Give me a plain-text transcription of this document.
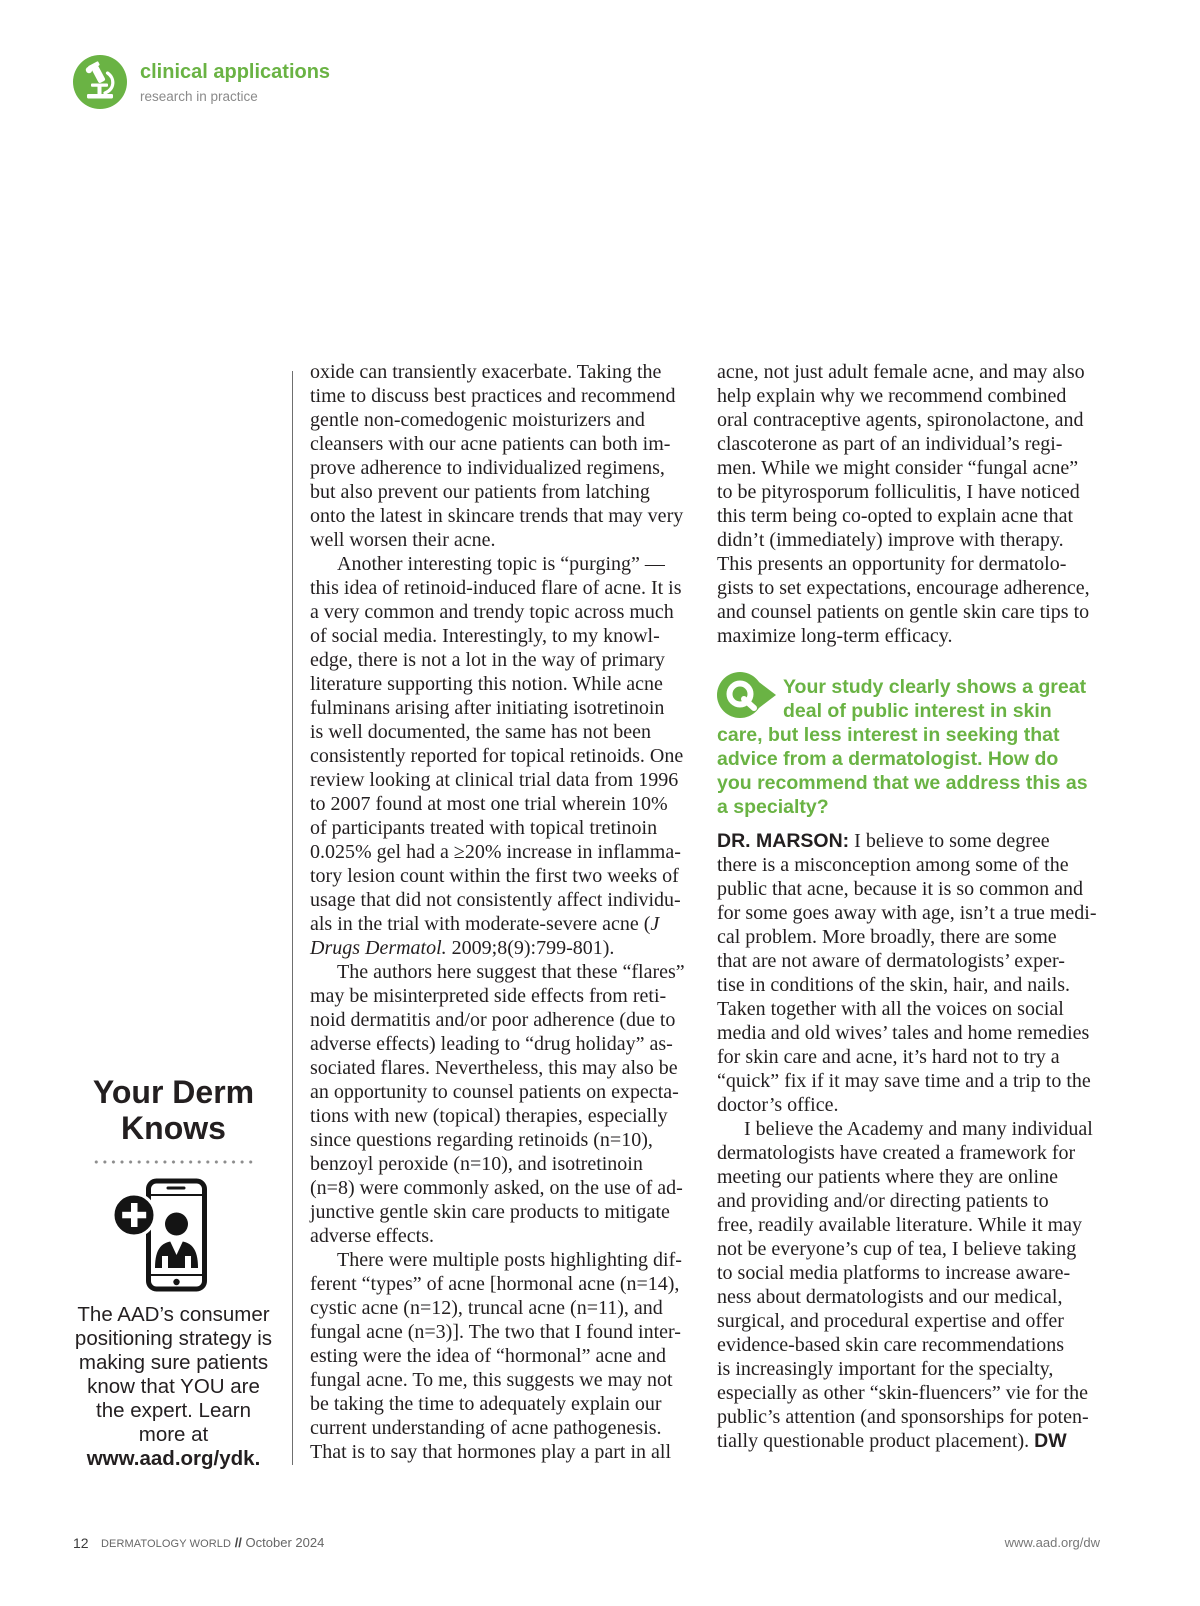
clinical applications
research in practice
Your Derm
Knows
The AAD’s consumer
positioning strategy is
making sure patients
know that YOU are
the expert. Learn
more at
www.aad.org/ydk.
oxide can transiently exacerbate. Taking the
time to discuss best practices and recommend
gentle non-comedogenic moisturizers and
cleansers with our acne patients can both im-
prove adherence to individualized regimens,
but also prevent our patients from latching
onto the latest in skincare trends that may very
well worsen their acne.
Another interesting topic is “purging” —
this idea of retinoid-induced flare of acne. It is
a very common and trendy topic across much
of social media. Interestingly, to my knowl-
edge, there is not a lot in the way of primary
literature supporting this notion. While acne
fulminans arising after initiating isotretinoin
is well documented, the same has not been
consistently reported for topical retinoids. One
review looking at clinical trial data from 1996
to 2007 found at most one trial wherein 10%
of participants treated with topical tretinoin
0.025% gel had a ≥20% increase in inflamma-
tory lesion count within the first two weeks of
usage that did not consistently affect individu-
als in the trial with moderate-severe acne (J
Drugs Dermatol. 2009;8(9):799-801).
The authors here suggest that these “flares”
may be misinterpreted side effects from reti-
noid dermatitis and/or poor adherence (due to
adverse effects) leading to “drug holiday” as-
sociated flares. Nevertheless, this may also be
an opportunity to counsel patients on expecta-
tions with new (topical) therapies, especially
since questions regarding retinoids (n=10),
benzoyl peroxide (n=10), and isotretinoin
(n=8) were commonly asked, on the use of ad-
junctive gentle skin care products to mitigate
adverse effects.
There were multiple posts highlighting dif-
ferent “types” of acne [hormonal acne (n=14),
cystic acne (n=12), truncal acne (n=11), and
fungal acne (n=3)]. The two that I found inter-
esting were the idea of “hormonal” acne and
fungal acne. To me, this suggests we may not
be taking the time to adequately explain our
current understanding of acne pathogenesis.
That is to say that hormones play a part in all
acne, not just adult female acne, and may also
help explain why we recommend combined
oral contraceptive agents, spironolactone, and
clascoterone as part of an individual’s regi-
men. While we might consider “fungal acne”
to be pityrosporum folliculitis, I have noticed
this term being co-opted to explain acne that
didn’t (immediately) improve with therapy.
This presents an opportunity for dermatolo-
gists to set expectations, encourage adherence,
and counsel patients on gentle skin care tips to
maximize long-term efficacy.
Your study clearly shows a great
deal of public interest in skin
care, but less interest in seeking that
advice from a dermatologist. How do
you recommend that we address this as
a specialty?
DR. MARSON: I believe to some degree
there is a misconception among some of the
public that acne, because it is so common and
for some goes away with age, isn’t a true medi-
cal problem. More broadly, there are some
that are not aware of dermatologists’ exper-
tise in conditions of the skin, hair, and nails.
Taken together with all the voices on social
media and old wives’ tales and home remedies
for skin care and acne, it’s hard not to try a
“quick” fix if it may save time and a trip to the
doctor’s office.
I believe the Academy and many individual
dermatologists have created a framework for
meeting our patients where they are online
and providing and/or directing patients to
free, readily available literature. While it may
not be everyone’s cup of tea, I believe taking
to social media platforms to increase aware-
ness about dermatologists and our medical,
surgical, and procedural expertise and offer
evidence-based skin care recommendations
is increasingly important for the specialty,
especially as other “skin-fluencers” vie for the
public’s attention (and sponsorships for poten-
tially questionable product placement). DW
12 DERMATOLOGY WORLD // October 2024	www.aad.org/dw
